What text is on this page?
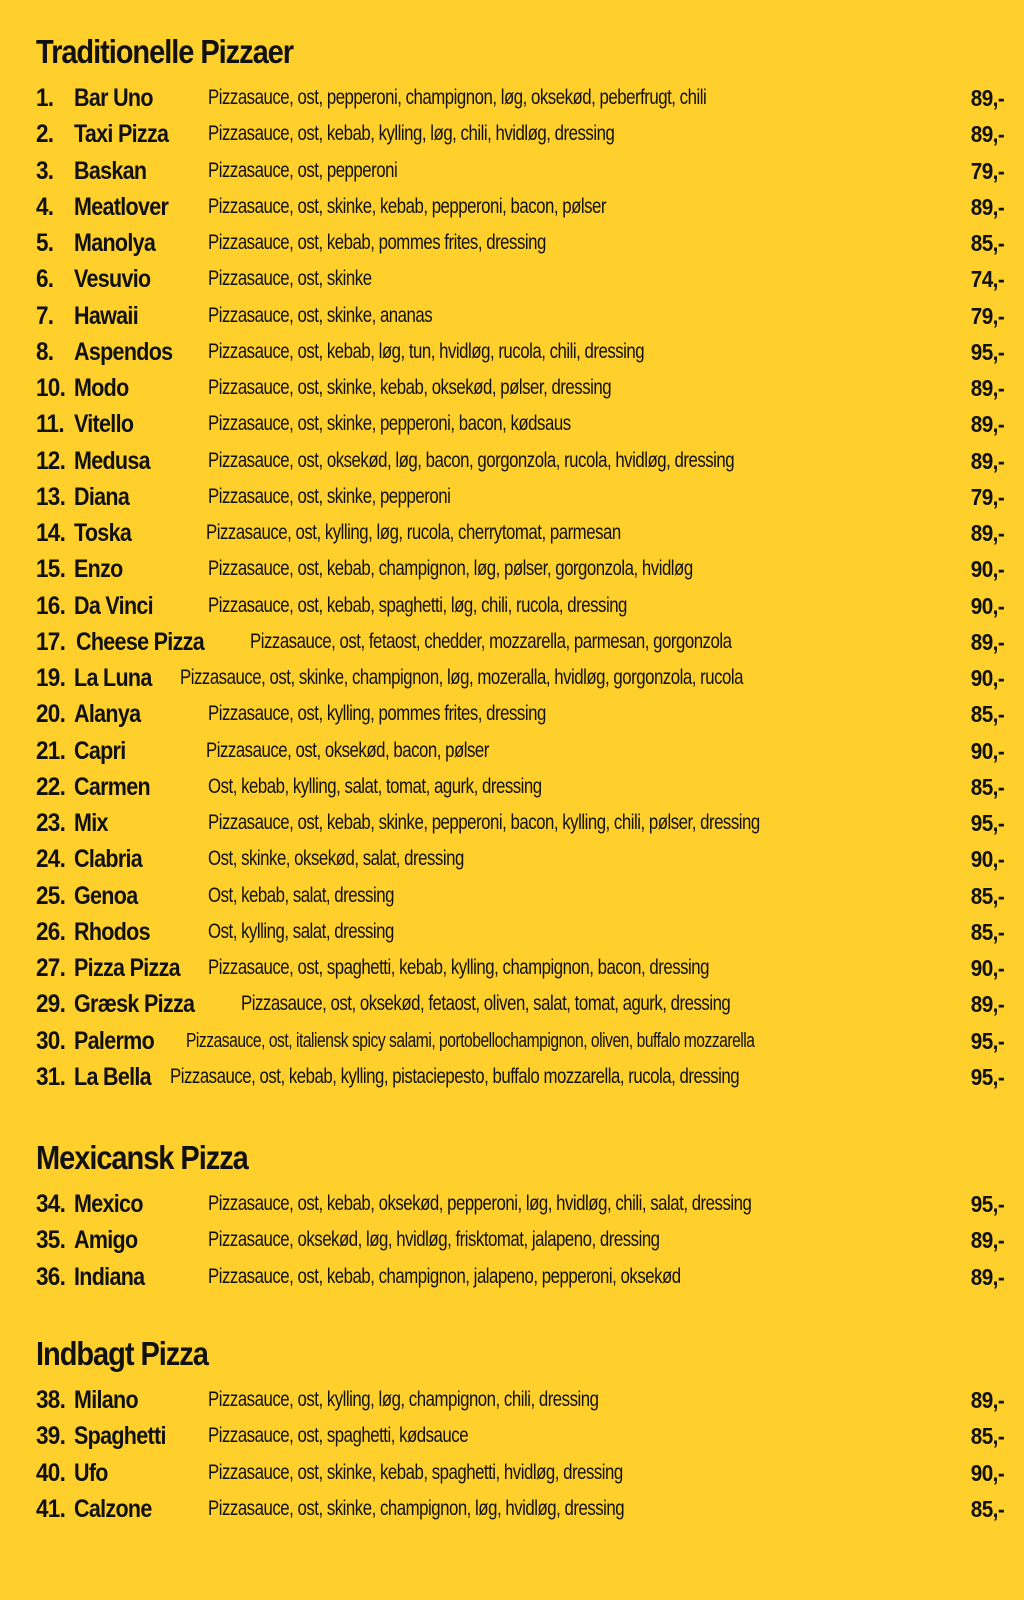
Traditionelle Pizzaer
1. Bar Uno	Pizzasauce, ost, pepperoni, champignon, løg, oksekød, peberfrugt, chili	89,-
2. Taxi Pizza Pizzasauce, ost, kebab, kylling, løg, chili, hvidløg, dressing	89,-
3. Baskan	Pizzasauce, ost, pepperoni	79,-
4. Meatlover Pizzasauce, ost, skinke, kebab, pepperoni, bacon, pølser	89,-
5. Manolya	Pizzasauce, ost, kebab, pommes frites, dressing	85,-
6. Vesuvio	Pizzasauce, ost, skinke	74,-
7. Hawaii	Pizzasauce, ost, skinke, ananas	79,-
8. Aspendos Pizzasauce, ost, kebab, løg, tun, hvidløg, rucola, chili, dressing	95,-
10. Modo	Pizzasauce, ost, skinke, kebab, oksekød, pølser, dressing	89,-
11. Vitello	Pizzasauce, ost, skinke, pepperoni, bacon, kødsaus	89,-
12. Medusa	Pizzasauce, ost, oksekød, løg, bacon, gorgonzola, rucola, hvidløg, dressing	89,-
13. Diana	Pizzasauce, ost, skinke, pepperoni	79,-
14. Toska	Pizzasauce, ost, kylling, løg, rucola, cherrytomat, parmesan	89,-
15. Enzo	Pizzasauce, ost, kebab, champignon, løg, pølser, gorgonzola, hvidløg	90,-
16. Da Vinci	Pizzasauce, ost, kebab, spaghetti, løg, chili, rucola, dressing	90,-
17. Cheese Pizza Pizzasauce, ost, fetaost, chedder, mozzarella, parmesan, gorgonzola	89,-
19. La Luna Pizzasauce, ost, skinke, champignon, løg, mozeralla, hvidløg, gorgonzola, rucola	90,-
20. Alanya	Pizzasauce, ost, kylling, pommes frites, dressing	85,-
21. Capri	Pizzasauce, ost, oksekød, bacon, pølser	90,-
22. Carmen	Ost, kebab, kylling, salat, tomat, agurk, dressing	85,-
23. Mix	Pizzasauce, ost, kebab, skinke, pepperoni, bacon, kylling, chili, pølser, dressing	95,-
24. Clabria	Ost, skinke, oksekød, salat, dressing	90,-
25. Genoa	Ost, kebab, salat, dressing	85,-
26. Rhodos	Ost, kylling, salat, dressing	85,-
27. Pizza Pizza Pizzasauce, ost, spaghetti, kebab, kylling, champignon, bacon, dressing	90,-
29. Græsk Pizza Pizzasauce, ost, oksekød, fetaost, oliven, salat, tomat, agurk, dressing	89,-
30. Palermo Pizzasauce, ost, italiensk spicy salami, portobellochampignon, oliven, buffalo mozzarella	95,-
31. La Bella Pizzasauce, ost, kebab, kylling, pistaciepesto, buffalo mozzarella, rucola, dressing	95,-
Mexicansk Pizza
34. Mexico	Pizzasauce, ost, kebab, oksekød, pepperoni, løg, hvidløg, chili, salat, dressing	95,-
35. Amigo	Pizzasauce, oksekød, løg, hvidløg, frisktomat, jalapeno, dressing	89,-
36. Indiana	Pizzasauce, ost, kebab, champignon, jalapeno, pepperoni, oksekød	89,-
Indbagt Pizza
38. Milano	Pizzasauce, ost, kylling, løg, champignon, chili, dressing	89,-
39. Spaghetti Pizzasauce, ost, spaghetti, kødsauce	85,-
40. Ufo	Pizzasauce, ost, skinke, kebab, spaghetti, hvidløg, dressing	90,-
41. Calzone	Pizzasauce, ost, skinke, champignon, løg, hvidløg, dressing	85,-
